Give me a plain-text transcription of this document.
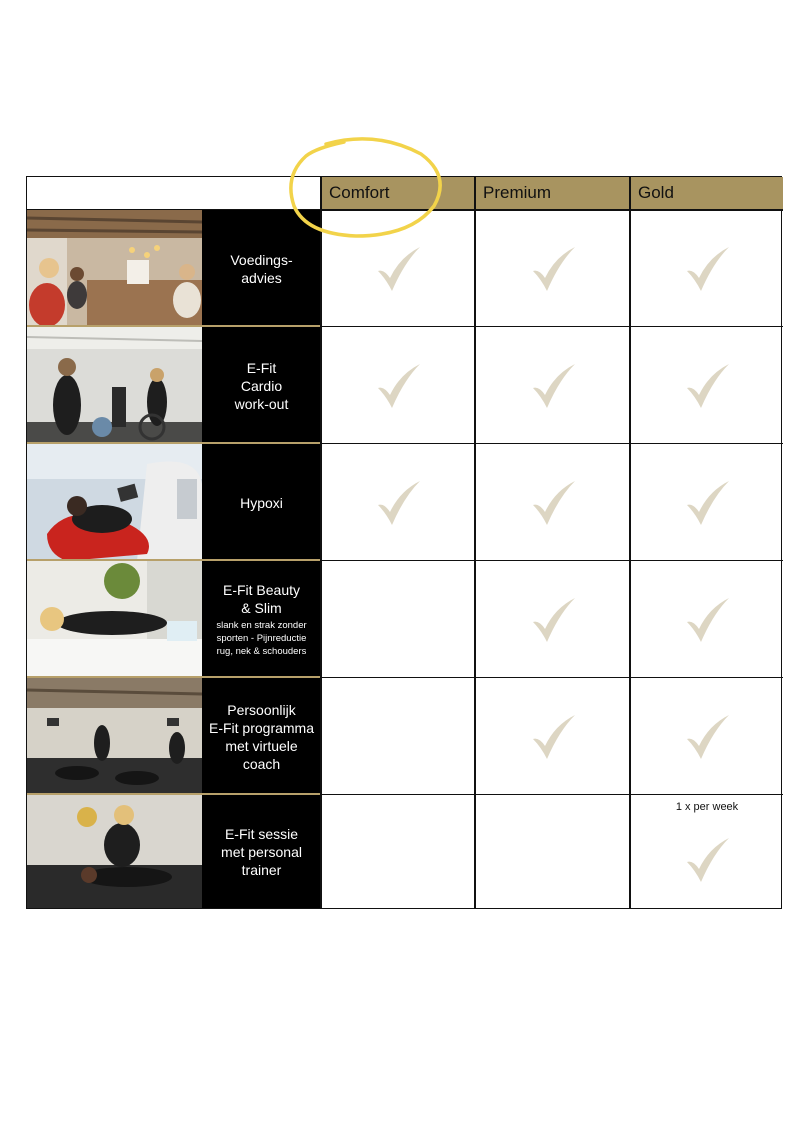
Comfort	Premium	Gold
Voedings-
advies
E-Fit
Cardio
work-out
Hypoxi
E-Fit Beauty
& Slim
slank en strak zonder
sporten - Pijnreductie
rug, nek & schouders
Persoonlijk
E-Fit programma
met virtuele
coach
E-Fit sessie
met personal
trainer
1 x per week
